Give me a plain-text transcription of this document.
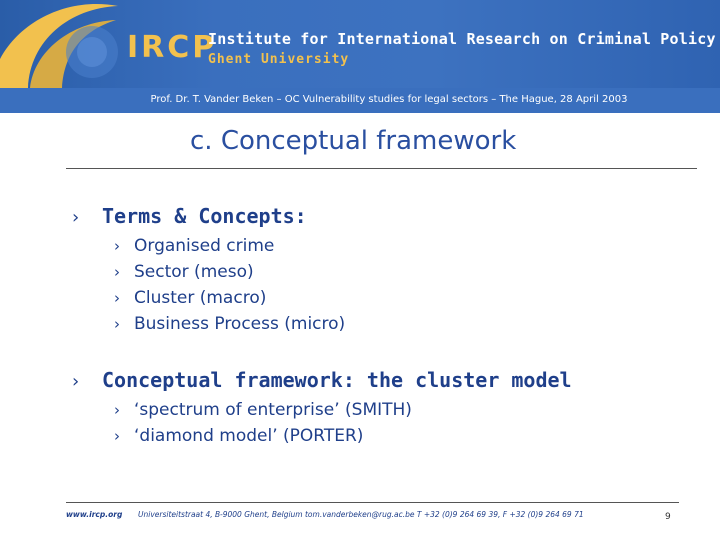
IRCP
Institute for International Research on Criminal Policy
Ghent University
Prof. Dr. T. Vander Beken – OC Vulnerability studies for legal sectors – The Hague, 28 April 2003
c. Conceptual framework
› Terms & Concepts:
› Organised crime
› Sector (meso)
› Cluster (macro)
› Business Process (micro)
› Conceptual framework: the cluster model
› ‘spectrum of enterprise’ (SMITH)
› ‘diamond model’ (PORTER)
www.ircp.org Universiteitstraat 4, B-9000 Ghent, Belgium tom.vanderbeken@rug.ac.be T +32 (0)9 264 69 39, F +32 (0)9 264 69 71	9
